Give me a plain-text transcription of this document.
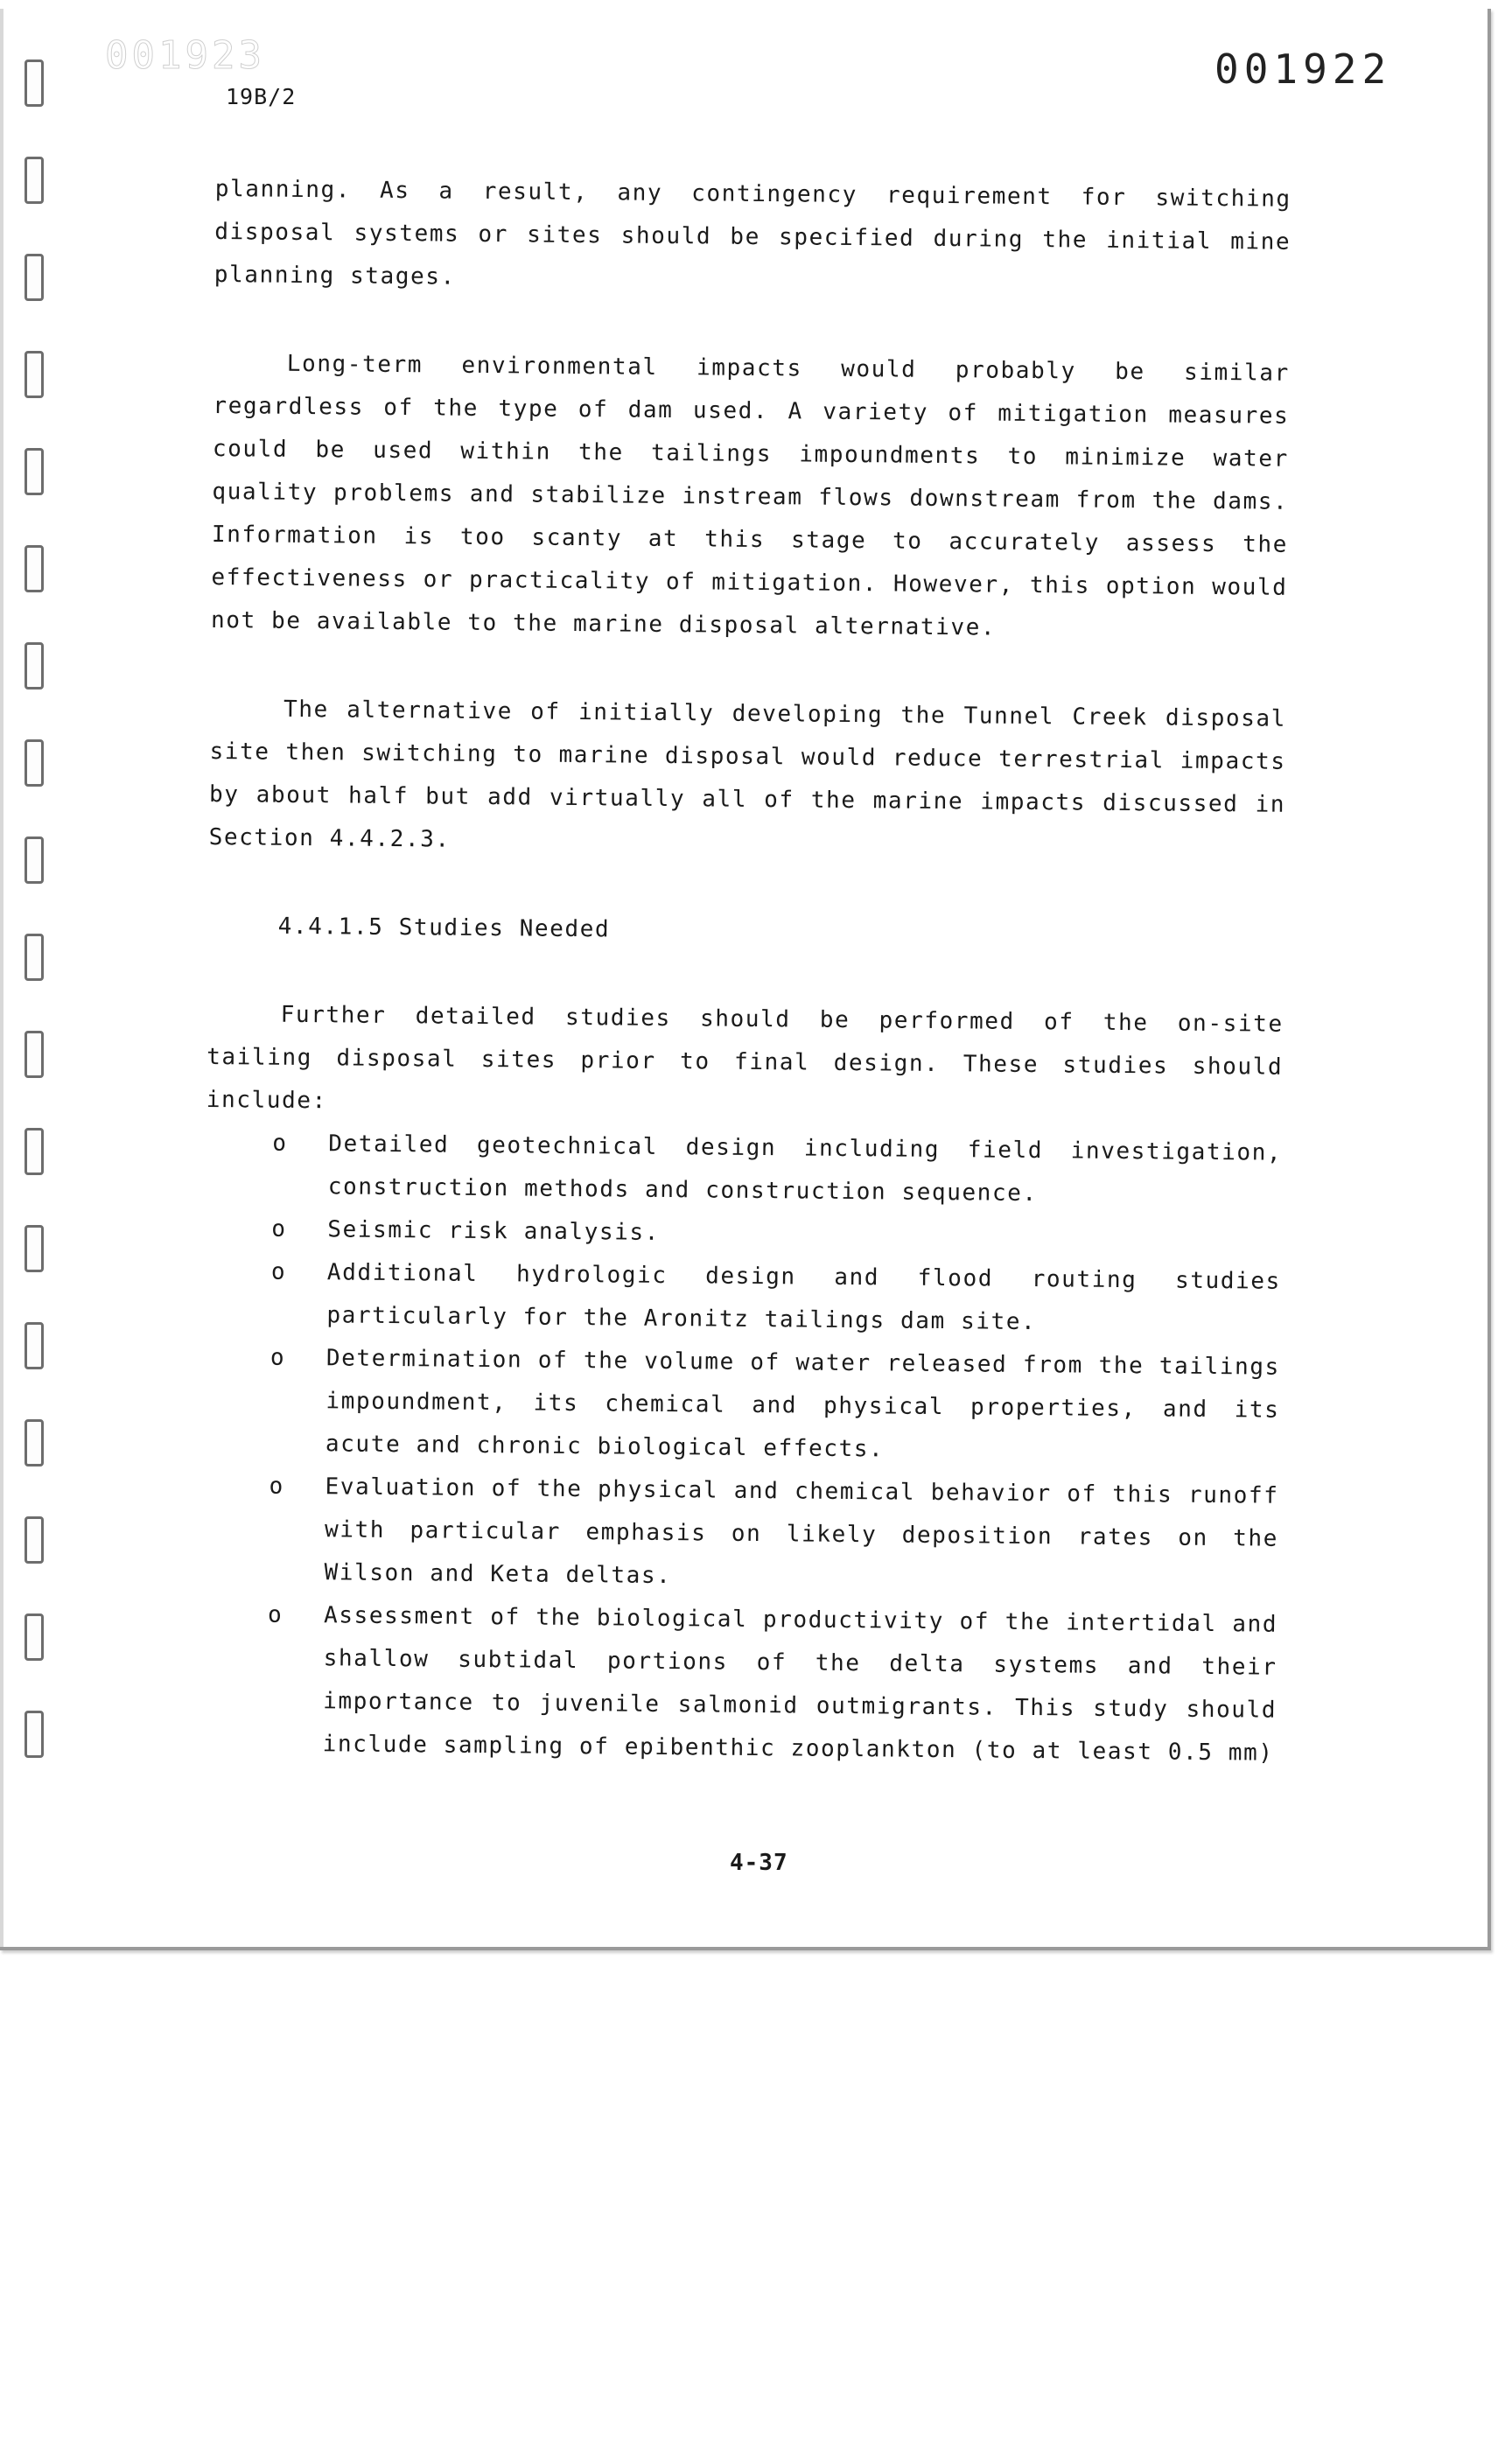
001923	001922
19B/2

planning. As a result, any contingency requirement for switching disposal systems or sites should be specified during the initial mine planning stages.

Long-term environmental impacts would probably be similar regardless of the type of dam used. A variety of mitigation measures could be used within the tailings impoundments to minimize water quality problems and stabilize instream flows downstream from the dams. Information is too scanty at this stage to accurately assess the effectiveness or practicality of mitigation. However, this option would not be available to the marine disposal alternative.

The alternative of initially developing the Tunnel Creek disposal site then switching to marine disposal would reduce terrestrial impacts by about half but add virtually all of the marine impacts discussed in Section 4.4.2.3.

4.4.1.5 Studies Needed

Further detailed studies should be performed of the on-site tailing disposal sites prior to final design. These studies should include:

o Detailed geotechnical design including field investigation, construction methods and construction sequence.
o Seismic risk analysis.
o Additional hydrologic design and flood routing studies particularly for the Aronitz tailings dam site.
o Determination of the volume of water released from the tailings impoundment, its chemical and physical properties, and its acute and chronic biological effects.
o Evaluation of the physical and chemical behavior of this runoff with particular emphasis on likely deposition rates on the Wilson and Keta deltas.
o Assessment of the biological productivity of the intertidal and shallow subtidal portions of the delta systems and their importance to juvenile salmonid outmigrants. This study should include sampling of epibenthic zooplankton (to at least 0.5 mm)
4-37
